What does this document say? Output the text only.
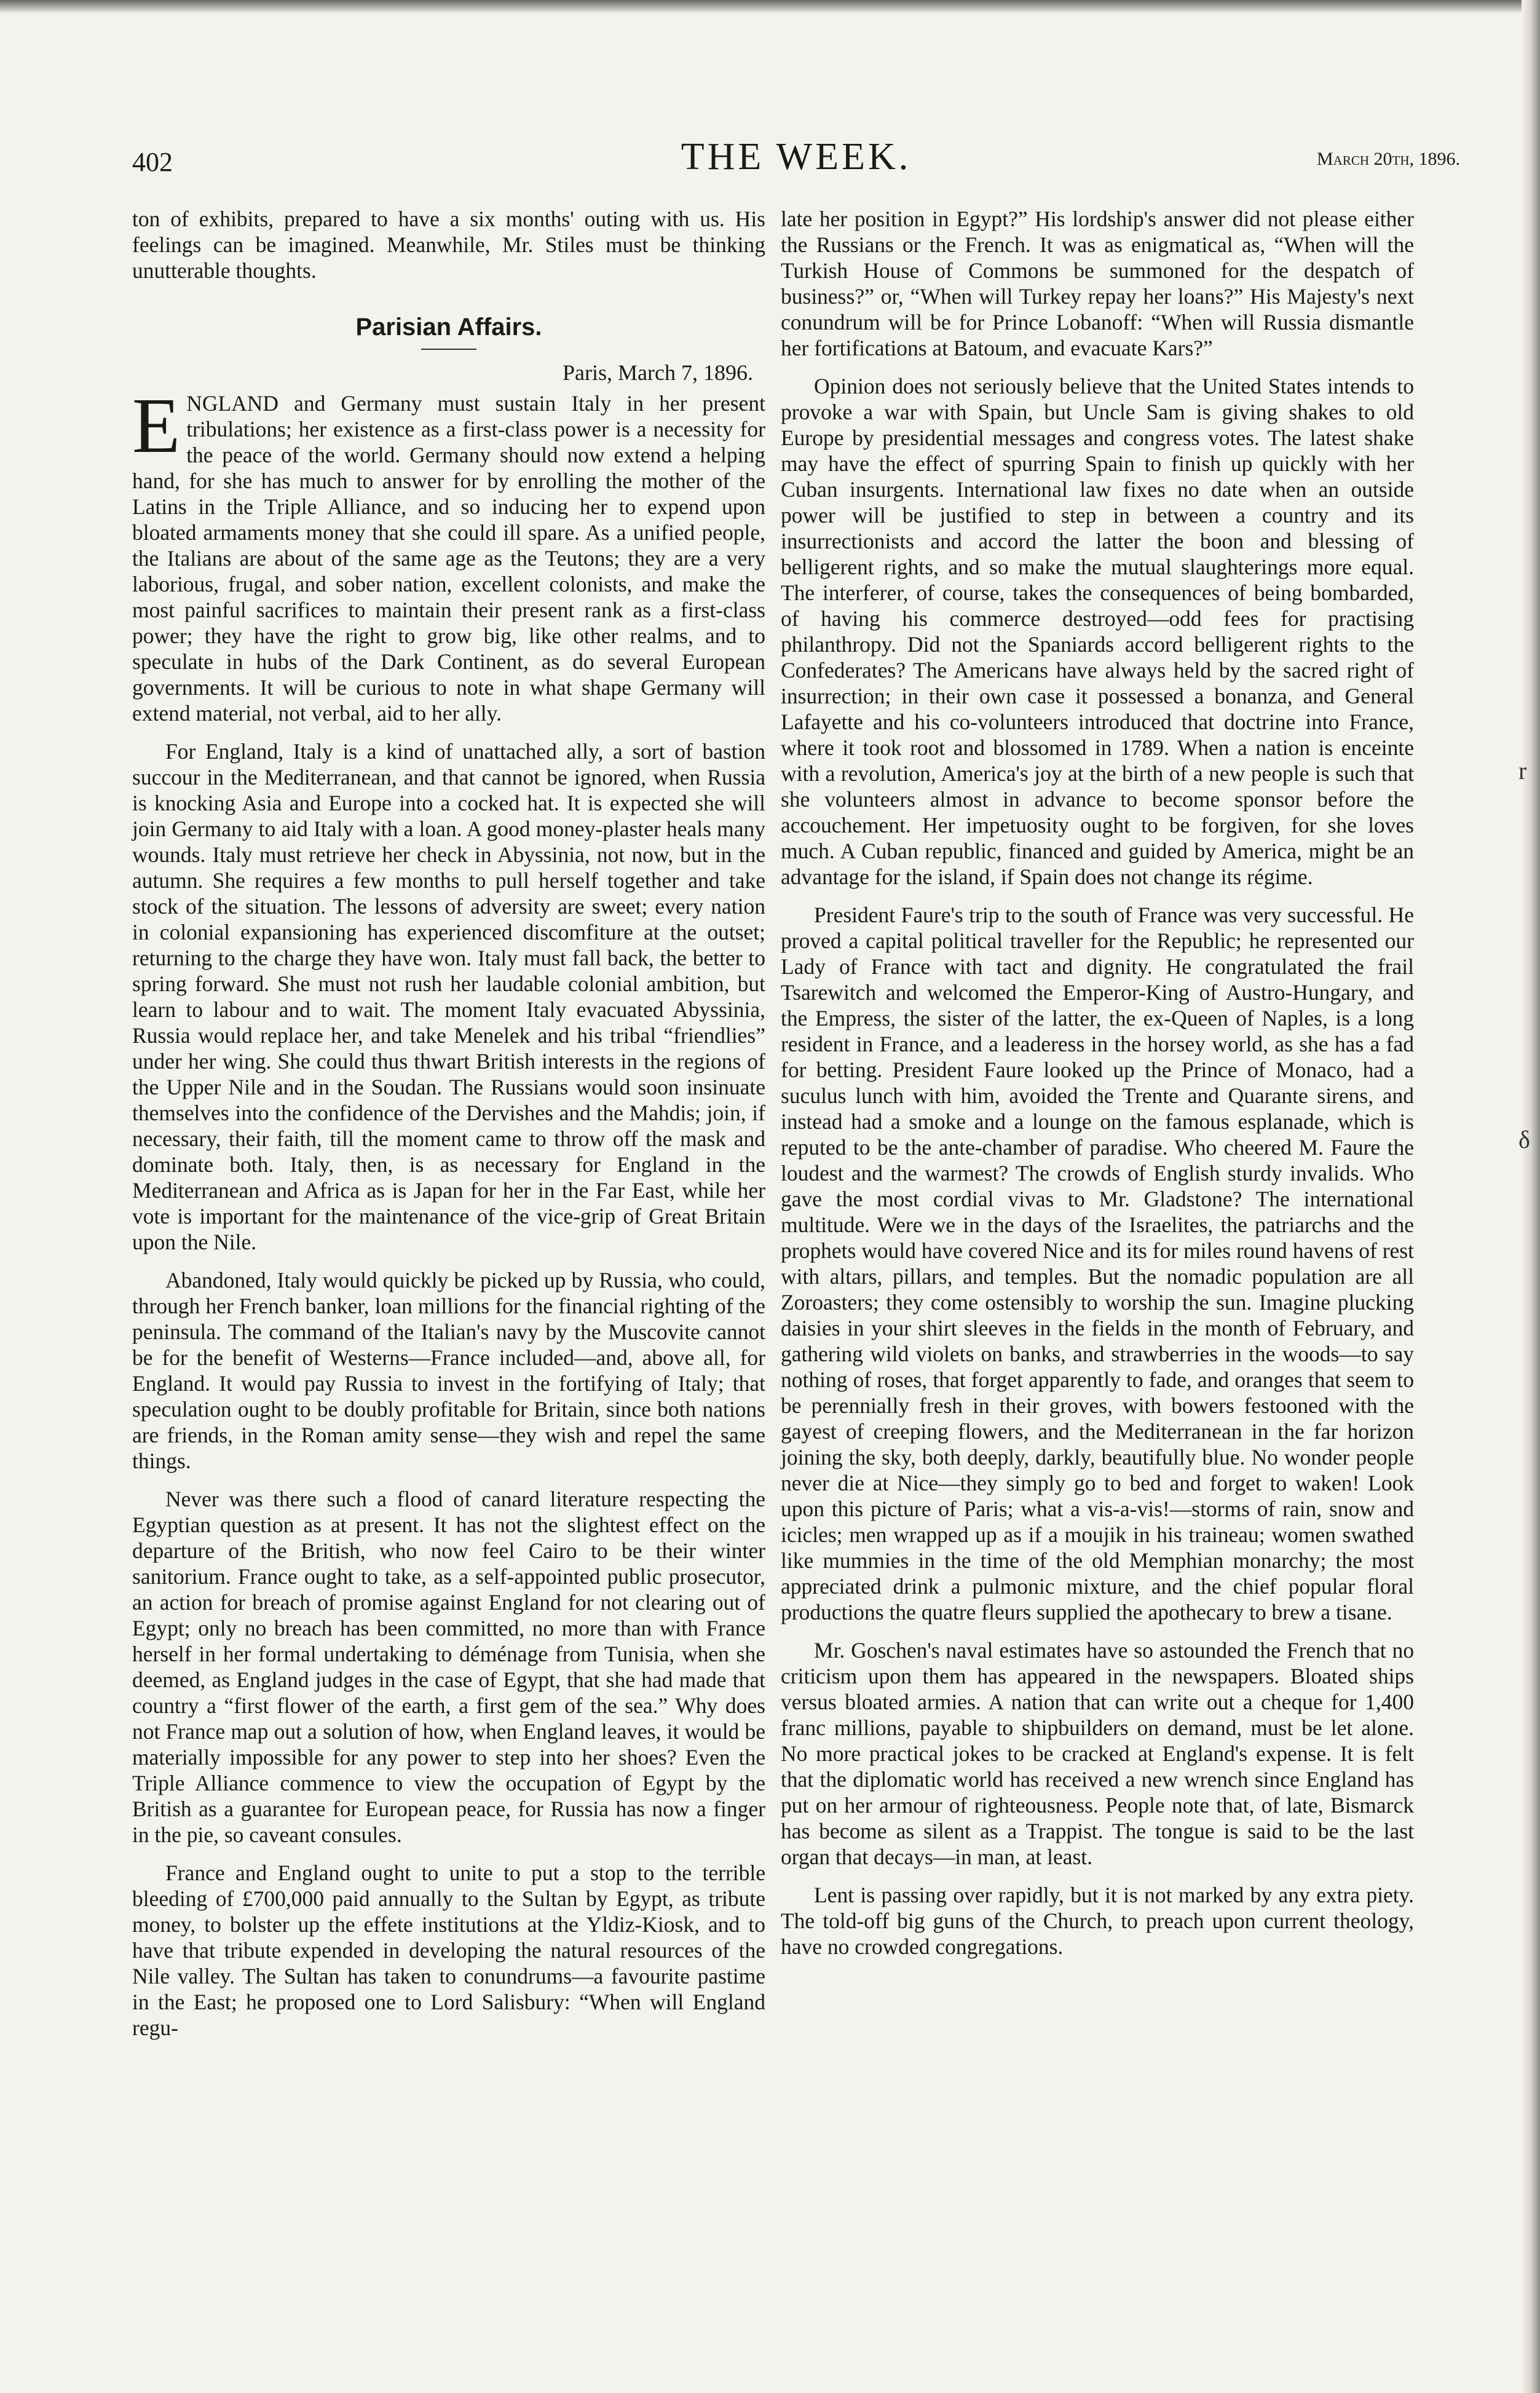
402	THE WEEK.	March 20th, 1896.

ton of exhibits, prepared to have a six months' outing with us. His feelings can be imagined. Meanwhile, Mr. Stiles must be thinking unutterable thoughts.

Parisian Affairs.
Paris, March 7, 1896.

ENGLAND and Germany must sustain Italy in her present tribulations; her existence as a first-class power is a necessity for the peace of the world. Germany should now extend a helping hand, for she has much to answer for by enrolling the mother of the Latins in the Triple Alliance, and so inducing her to expend upon bloated armaments money that she could ill spare. As a unified people, the Italians are about of the same age as the Teutons; they are a very laborious, frugal, and sober nation, excellent colonists, and make the most painful sacrifices to maintain their present rank as a first-class power; they have the right to grow big, like other realms, and to speculate in hubs of the Dark Continent, as do several European governments. It will be curious to note in what shape Germany will extend material, not verbal, aid to her ally.

For England, Italy is a kind of unattached ally, a sort of bastion succour in the Mediterranean, and that cannot be ignored, when Russia is knocking Asia and Europe into a cocked hat. It is expected she will join Germany to aid Italy with a loan. A good money-plaster heals many wounds. Italy must retrieve her check in Abyssinia, not now, but in the autumn. She requires a few months to pull herself together and take stock of the situation. The lessons of adversity are sweet; every nation in colonial expansioning has experienced discomfiture at the outset; returning to the charge they have won. Italy must fall back, the better to spring forward. She must not rush her laudable colonial ambition, but learn to labour and to wait. The moment Italy evacuated Abyssinia, Russia would replace her, and take Menelek and his tribal “friendlies” under her wing. She could thus thwart British interests in the regions of the Upper Nile and in the Soudan. The Russians would soon insinuate themselves into the confidence of the Dervishes and the Mahdis; join, if necessary, their faith, till the moment came to throw off the mask and dominate both. Italy, then, is as necessary for England in the Mediterranean and Africa as is Japan for her in the Far East, while her vote is important for the maintenance of the vice-grip of Great Britain upon the Nile.

Abandoned, Italy would quickly be picked up by Russia, who could, through her French banker, loan millions for the financial righting of the peninsula. The command of the Italian's navy by the Muscovite cannot be for the benefit of Westerns—France included—and, above all, for England. It would pay Russia to invest in the fortifying of Italy; that speculation ought to be doubly profitable for Britain, since both nations are friends, in the Roman amity sense—they wish and repel the same things.

Never was there such a flood of canard literature respecting the Egyptian question as at present. It has not the slightest effect on the departure of the British, who now feel Cairo to be their winter sanitorium. France ought to take, as a self-appointed public prosecutor, an action for breach of promise against England for not clearing out of Egypt; only no breach has been committed, no more than with France herself in her formal undertaking to déménage from Tunisia, when she deemed, as England judges in the case of Egypt, that she had made that country a “first flower of the earth, a first gem of the sea.” Why does not France map out a solution of how, when England leaves, it would be materially impossible for any power to step into her shoes? Even the Triple Alliance commence to view the occupation of Egypt by the British as a guarantee for European peace, for Russia has now a finger in the pie, so caveant consules.

France and England ought to unite to put a stop to the terrible bleeding of £700,000 paid annually to the Sultan by Egypt, as tribute money, to bolster up the effete institutions at the Yldiz-Kiosk, and to have that tribute expended in developing the natural resources of the Nile valley. The Sultan has taken to conundrums—a favourite pastime in the East; he proposed one to Lord Salisbury: “When will England regu-

late her position in Egypt?” His lordship's answer did not please either the Russians or the French. It was as enigmatical as, “When will the Turkish House of Commons be summoned for the despatch of business?” or, “When will Turkey repay her loans?” His Majesty's next conundrum will be for Prince Lobanoff: “When will Russia dismantle her fortifications at Batoum, and evacuate Kars?”

Opinion does not seriously believe that the United States intends to provoke a war with Spain, but Uncle Sam is giving shakes to old Europe by presidential messages and congress votes. The latest shake may have the effect of spurring Spain to finish up quickly with her Cuban insurgents. International law fixes no date when an outside power will be justified to step in between a country and its insurrectionists and accord the latter the boon and blessing of belligerent rights, and so make the mutual slaughterings more equal. The interferer, of course, takes the consequences of being bombarded, of having his commerce destroyed—odd fees for practising philanthropy. Did not the Spaniards accord belligerent rights to the Confederates? The Americans have always held by the sacred right of insurrection; in their own case it possessed a bonanza, and General Lafayette and his co-volunteers introduced that doctrine into France, where it took root and blossomed in 1789. When a nation is enceinte with a revolution, America's joy at the birth of a new people is such that she volunteers almost in advance to become sponsor before the accouchement. Her impetuosity ought to be forgiven, for she loves much. A Cuban republic, financed and guided by America, might be an advantage for the island, if Spain does not change its régime.

President Faure's trip to the south of France was very successful. He proved a capital political traveller for the Republic; he represented our Lady of France with tact and dignity. He congratulated the frail Tsarewitch and welcomed the Emperor-King of Austro-Hungary, and the Empress, the sister of the latter, the ex-Queen of Naples, is a long resident in France, and a leaderess in the horsey world, as she has a fad for betting. President Faure looked up the Prince of Monaco, had a suculus lunch with him, avoided the Trente and Quarante sirens, and instead had a smoke and a lounge on the famous esplanade, which is reputed to be the ante-chamber of paradise. Who cheered M. Faure the loudest and the warmest? The crowds of English sturdy invalids. Who gave the most cordial vivas to Mr. Gladstone? The international multitude. Were we in the days of the Israelites, the patriarchs and the prophets would have covered Nice and its for miles round havens of rest with altars, pillars, and temples. But the nomadic population are all Zoroasters; they come ostensibly to worship the sun. Imagine plucking daisies in your shirt sleeves in the fields in the month of February, and gathering wild violets on banks, and strawberries in the woods—to say nothing of roses, that forget apparently to fade, and oranges that seem to be perennially fresh in their groves, with bowers festooned with the gayest of creeping flowers, and the Mediterranean in the far horizon joining the sky, both deeply, darkly, beautifully blue. No wonder people never die at Nice—they simply go to bed and forget to waken! Look upon this picture of Paris; what a vis-a-vis!—storms of rain, snow and icicles; men wrapped up as if a moujik in his traineau; women swathed like mummies in the time of the old Memphian monarchy; the most appreciated drink a pulmonic mixture, and the chief popular floral productions the quatre fleurs supplied the apothecary to brew a tisane.

Mr. Goschen's naval estimates have so astounded the French that no criticism upon them has appeared in the newspapers. Bloated ships versus bloated armies. A nation that can write out a cheque for 1,400 franc millions, payable to shipbuilders on demand, must be let alone. No more practical jokes to be cracked at England's expense. It is felt that the diplomatic world has received a new wrench since England has put on her armour of righteousness. People note that, of late, Bismarck has become as silent as a Trappist. The tongue is said to be the last organ that decays—in man, at least.

Lent is passing over rapidly, but it is not marked by any extra piety. The told-off big guns of the Church, to preach upon current theology, have no crowded congregations.

r
δ
